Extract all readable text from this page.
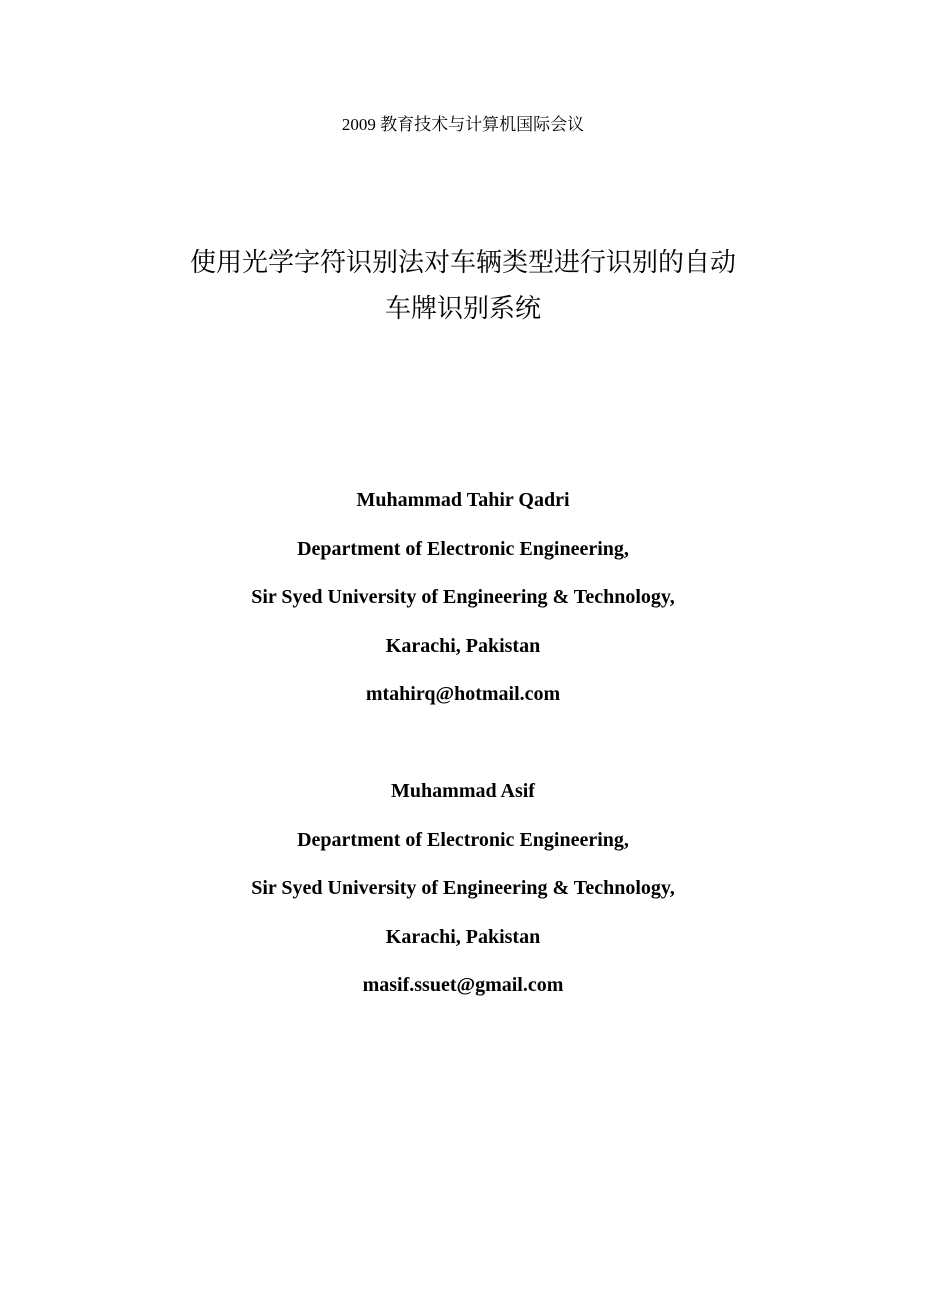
2009 教育技术与计算机国际会议
使用光学字符识别法对车辆类型进行识别的自动
车牌识别系统
Muhammad Tahir Qadri
Department of Electronic Engineering,
Sir Syed University of Engineering & Technology,
Karachi, Pakistan
mtahirq@hotmail.com
Muhammad Asif
Department of Electronic Engineering,
Sir Syed University of Engineering & Technology,
Karachi, Pakistan
masif.ssuet@gmail.com
